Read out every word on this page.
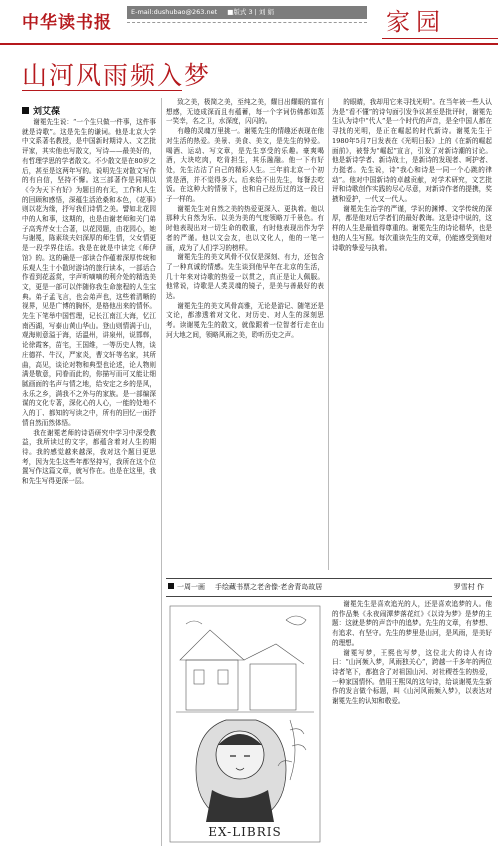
中华读书报
E-mail:dushubao@263.net ■版式 3 | 刘 娟	家园
山河风雨频入梦
刘艾葆

谢冕先生说：“一个生只做一件事，这件事就是诗歌”。这是先生的谦词。他是北京大学中文系著名教授，是中国新时期诗人、文艺批评家，其实他也写散文，写诗——最美好的，有哲理学思的学者散文。不少散文是在80岁之后，甚至是这两年写的。说明先生对散文写作的有自信，坚持不懈。这三部著作是同期以《今为天下有好》为题目的有无，工作和人生的回顾和感悟，深蕴生活沧桑和本色，《花事》则以花为缘，抒写我们诗情之美。譬如北花园中的人和事，这期的，也是由谢老师和关门弟子高秀芹女士合著，以花园题，由花园心，她与谢冕，陈素琰夫妇深厚的师生情，父女情更是一段学界佳话。我是在就是中读完《师伊馆》的。这的确是一部读合作蕴着深厚传统和乐观人生十小散时游诗的旅行读本，一部话合作看到花蕊赏，宇声听嘀嘀的利介处的精选美文，更是一部可以伴随你我生命旅程的人生宝典。弟子孟飞言，也会弟声也，这些着清晰的视界，见是广博的胸怀，是格他出来的情怀。先生下笔举中国哲理，记长江南江大海，忆江南西湖，写泰山黄山华山。登山则情满于山，观海则意溢于海，话温州，讲泉州，说邯郸，论徐霞客，苗宅，王国维，一等历史人物，谈庄德祥、牛汉，严家炎，曹文轩等名家，其所曲，高见，谈论对物和典型也论述，论人物则满是敬意，同眷而此的，你描写而可又能让细腻画面的名声与情之地，给安定之乡的是风，永乐之乡，满我不之外与的家族。是一部编深谋的文化专著，深化心的人心，一能的处地不入的丁、都知的写读之中，所有的回忆一面抒情自然而然体悟。

我在谢冕老师的诗语研究中学习中深受教益，我所读过的文字，都蕴含着对人生的期待。我的感觉越来越深，我对这个题目更思考，因为先生这些年都坚持写，我所在这个位置写作这篇文章，就写作在。也是在这里，我和先生写得更深一层。

致之美，极简之美，至纯之美，耀目出耀眼的富有想感，无迹成深而且有蕴蓄，每一个字词仿佛都如蒸一笑幸，名之卫，水深度，闪闪的。

有趣的灵魂万里挑一。谢冕先生的情趣还表现在他对生活的热爱。美景、美食、美文，是先生的钟爱。喝酒、运动、写文章，是先生享受的乐趣。豪爽喝酒，大块吃肉，吃肯担生，其乐融融。他一下有好处，先生沽沽了自己的精彩人生。三年前北京一个初赏是酒，并不觉得多大。后来给不出先生，每餐去吃饭。在这种大的情景下，也和自己经历过的这一段日子一样的。

谢冕先生对自然之美的热爱更深入、更执着。他以那种大自然为乐、以美为美的气度领略万千景色。有时他表现出对一切生命的敬重，有时他表现出作为学者的严谨。他以文会友，也以文化人，他的一笔一画，成为了人们学习的榜样。

谢冕先生的美文风骨不仅仅是深刻、有力，还包含了一种真诚的情感。先生谈到他早年在北京的生活，几十年来对诗歌的热爱一以贯之，真正是让人佩服。他常说，诗歌是人类灵魂的镜子，是美与善最好的表达。

谢冕先生的美文风骨高雅，无论是游记、随笔还是文论，都渗透着对文化、对历史、对人生的深刻思考。读谢冕先生的散文，就像跟着一位智者行走在山河大地之间，领略风雨之美，聆听历史之声。

的眼睛，我却用它来寻找光明”。在当年被一些人认为是“看不懂”的诗句面引发争议甚至是批评时，谢冕先生认为诗中“代人”是一个时代的声音，是全中国人都在寻找的光明，是正在崛起的时代新诗。谢冕先生于1980年5月7日发表在《光明日报》上的《在新的崛起面前》，被誉为“崛起”宣言，引发了对新诗潮的讨论。他是新诗学者、新诗战士，是新诗的发现者、呵护者、力挺者。先生说，诗“我心和诗是一同一个心跳的律动”。他对中国新诗的卓越贡献，对学术研究，文艺批评和诗歌创作实践的尽心尽意，对新诗作者的提携，奖掖和爱护，一代又一代人。

谢冕先生治学的严谨，学识的渊博、文学传统的深厚，都是他对后学者们的最好教诲。这是诗中说的，这样的人生是最值得尊重的。谢冕先生的诗论精华，也是他的人生写照。每次重读先生的文章，仍能感受到他对诗歌的挚爱与执着。

一周一画 手绘藏书票之老舍像·老舍青岛故居	罗雪村 作
EX-LIBRIS

谢冕先生是喜欢追光的人，还是喜欢追梦的人。他的作品集《永夜闹潭梦落花红》《以诗为梦》是梦的主题：这就是梦的声音中的追梦。先生的文章，有梦想、有追求、有坚守。先生的梦里是山河，是风雨，是美好的理想。

谢冕写梦，王熙也写梦，这位北大的诗人有诗曰：“山河频入梦，风雨独关心”，跨越一千多年的两位诗者笔下，都抱含了对祖国山河、对社稷苍生的热爱，一种家国情怀。借用王熙凤的这句诗，给谈谢冕先生新作的发言做个标题，叫《山河风雨频入梦》，以表达对谢冕先生的认知和敬爱。
